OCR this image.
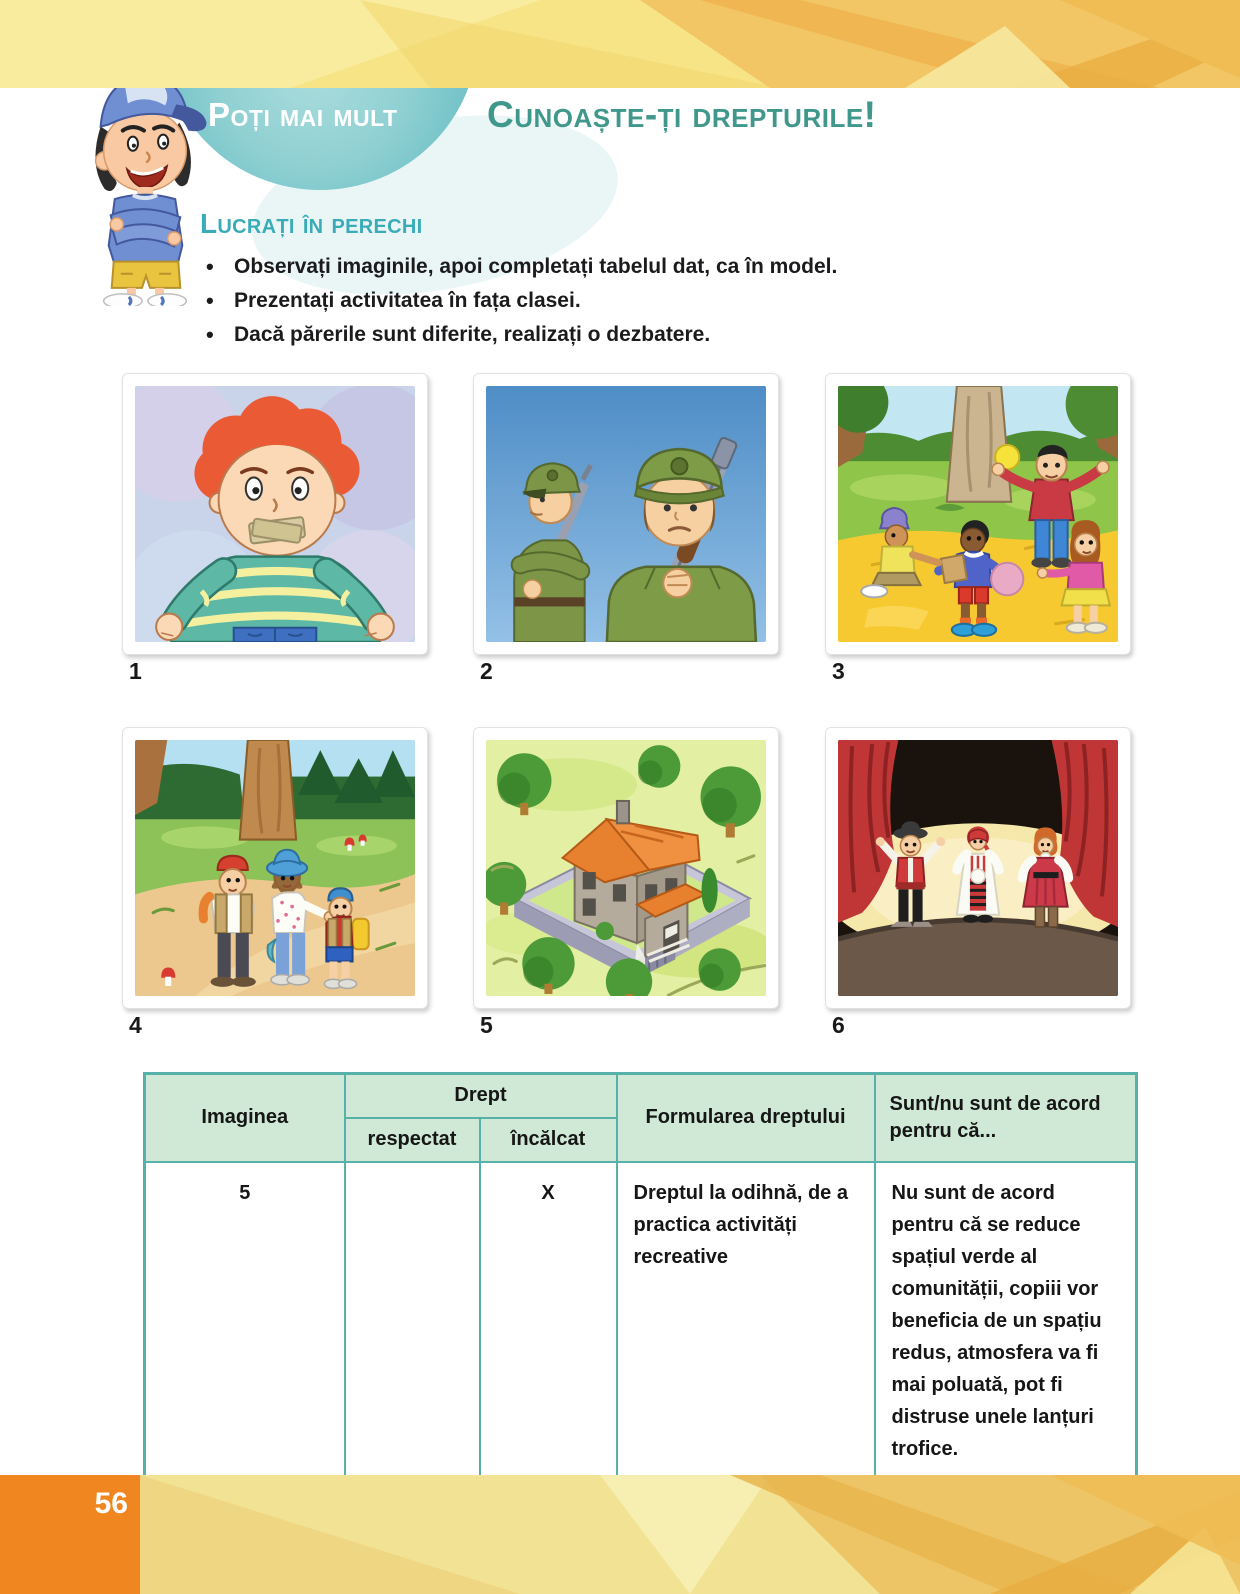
Poți mai mult Cunoaște-ți drepturile!
Lucrați în perechi
• Observați imaginile, apoi completați tabelul dat, ca în model.
• Prezentați activitatea în fața clasei.
• Dacă părerile sunt diferite, realizați o dezbatere.
1	2	3
4	5	6
Imaginea	Drept		Formularea dreptului	Sunt/nu sunt de acord pentru că...
	respectat	încălcat		
5		X	Dreptul la odihnă, de a practica activități recreative	Nu sunt de acord pentru că se reduce spațiul verde al comunității, copiii vor beneficia de un spațiu redus, atmosfera va fi mai poluată, pot fi distruse unele lanțuri trofice.
56
